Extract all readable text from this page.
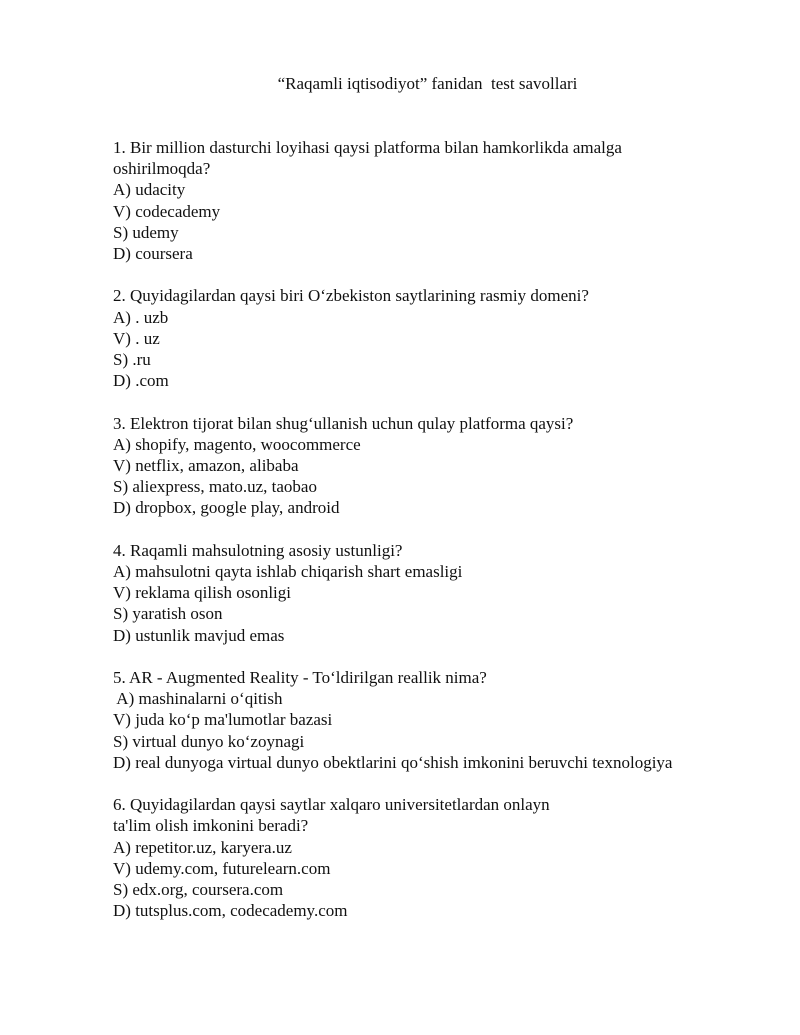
“Raqamli iqtisodiyot” fanidan  test savollari
1. Bir million dasturchi loyihasi qaysi platforma bilan hamkorlikda amalga
oshirilmoqda?
A) udacity
V) codecademy
S) udemy
D) coursera
2. Quyidagilardan qaysi biri O‘zbekiston saytlarining rasmiy domeni?
A) . uzb
V) . uz
S) .ru
D) .com
3. Elektron tijorat bilan shug‘ullanish uchun qulay platforma qaysi?
A) shopify, magento, woocommerce
V) netflix, amazon, alibaba
S) aliexpress, mato.uz, taobao
D) dropbox, google play, android
4. Raqamli mahsulotning asosiy ustunligi?
A) mahsulotni qayta ishlab chiqarish shart emasligi
V) reklama qilish osonligi
S) yaratish oson
D) ustunlik mavjud emas
5. AR - Augmented Reality - To‘ldirilgan reallik nima?
A) mashinalarni o‘qitish
V) juda ko‘p ma'lumotlar bazasi
S) virtual dunyo ko‘zoynagi
D) real dunyoga virtual dunyo obektlarini qo‘shish imkonini beruvchi texnologiya
6. Quyidagilardan qaysi saytlar xalqaro universitetlardan onlayn
ta'lim olish imkonini beradi?
A) repetitor.uz, karyera.uz
V) udemy.com, futurelearn.com
S) edx.org, coursera.com
D) tutsplus.com, codecademy.com
